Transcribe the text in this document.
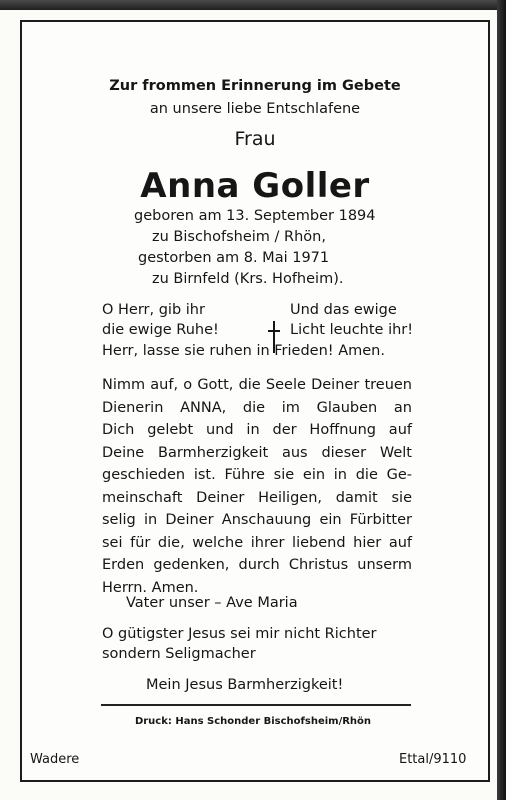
Zur frommen Erinnerung im Gebete
an unsere liebe Entschlafene
Frau
Anna Goller
geboren am 13. September 1894
zu Bischofsheim / Rhön,
gestorben am 8. Mai 1971
zu Birnfeld (Krs. Hofheim).
O Herr, gib ihr
die ewige Ruhe!
Und das ewige
Licht leuchte ihr!
Herr, lasse sie ruhen in Frieden! Amen.
Nimm auf, o Gott, die Seele Deiner treuen
Dienerin ANNA, die im Glauben an
Dich gelebt und in der Hoffnung auf
Deine Barmherzigkeit aus dieser Welt
geschieden ist. Führe sie ein in die Ge-
meinschaft Deiner Heiligen, damit sie
selig in Deiner Anschauung ein Fürbitter
sei für die, welche ihrer liebend hier auf
Erden gedenken, durch Christus unserm
Herrn. Amen.
Vater unser – Ave Maria
O gütigster Jesus sei mir nicht Richter
sondern Seligmacher
Mein Jesus Barmherzigkeit!
Druck: Hans Schonder Bischofsheim/Rhön
Wadere	Ettal/9110
